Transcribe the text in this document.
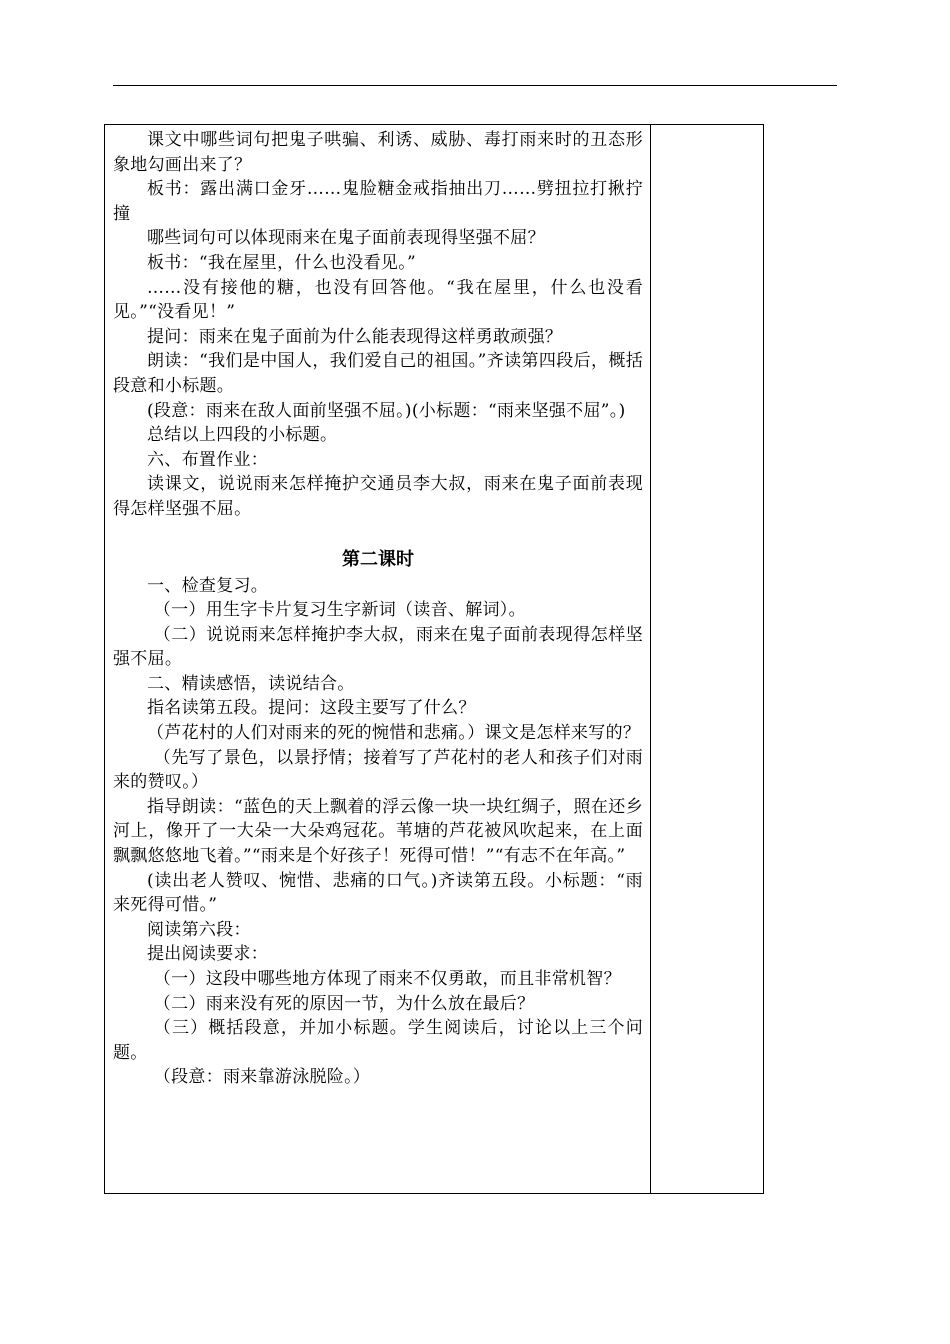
课文中哪些词句把鬼子哄骗、利诱、威胁、毒打雨来时的丑态形象地勾画出来了？

板书：露出满口金牙……鬼脸糖金戒指抽出刀……劈扭拉打揪拧撞

哪些词句可以体现雨来在鬼子面前表现得坚强不屈？

板书：“我在屋里，什么也没看见。”

……没有接他的糖，也没有回答他。“我在屋里，什么也没看见。”“没看见！”

提问：雨来在鬼子面前为什么能表现得这样勇敢顽强？

朗读：“我们是中国人，我们爱自己的祖国。”齐读第四段后，概括段意和小标题。

(段意：雨来在敌人面前坚强不屈。)(小标题：“雨来坚强不屈”。)

总结以上四段的小标题。

六、布置作业：

读课文，说说雨来怎样掩护交通员李大叔，雨来在鬼子面前表现得怎样坚强不屈。

第二课时

一、检查复习。

（一）用生字卡片复习生字新词（读音、解词）。

（二）说说雨来怎样掩护李大叔，雨来在鬼子面前表现得怎样坚强不屈。

二、精读感悟，读说结合。

指名读第五段。提问：这段主要写了什么？

（芦花村的人们对雨来的死的惋惜和悲痛。）课文是怎样来写的？

（先写了景色，以景抒情；接着写了芦花村的老人和孩子们对雨来的赞叹。）

指导朗读：“蓝色的天上飘着的浮云像一块一块红绸子，照在还乡河上，像开了一大朵一大朵鸡冠花。苇塘的芦花被风吹起来，在上面飘飘悠悠地飞着。”“雨来是个好孩子！死得可惜！”“有志不在年高。”

(读出老人赞叹、惋惜、悲痛的口气。)齐读第五段。小标题：“雨来死得可惜。”

阅读第六段：

提出阅读要求：

（一）这段中哪些地方体现了雨来不仅勇敢，而且非常机智？

（二）雨来没有死的原因一节，为什么放在最后？

（三）概括段意，并加小标题。学生阅读后，讨论以上三个问题。

（段意：雨来靠游泳脱险。）
